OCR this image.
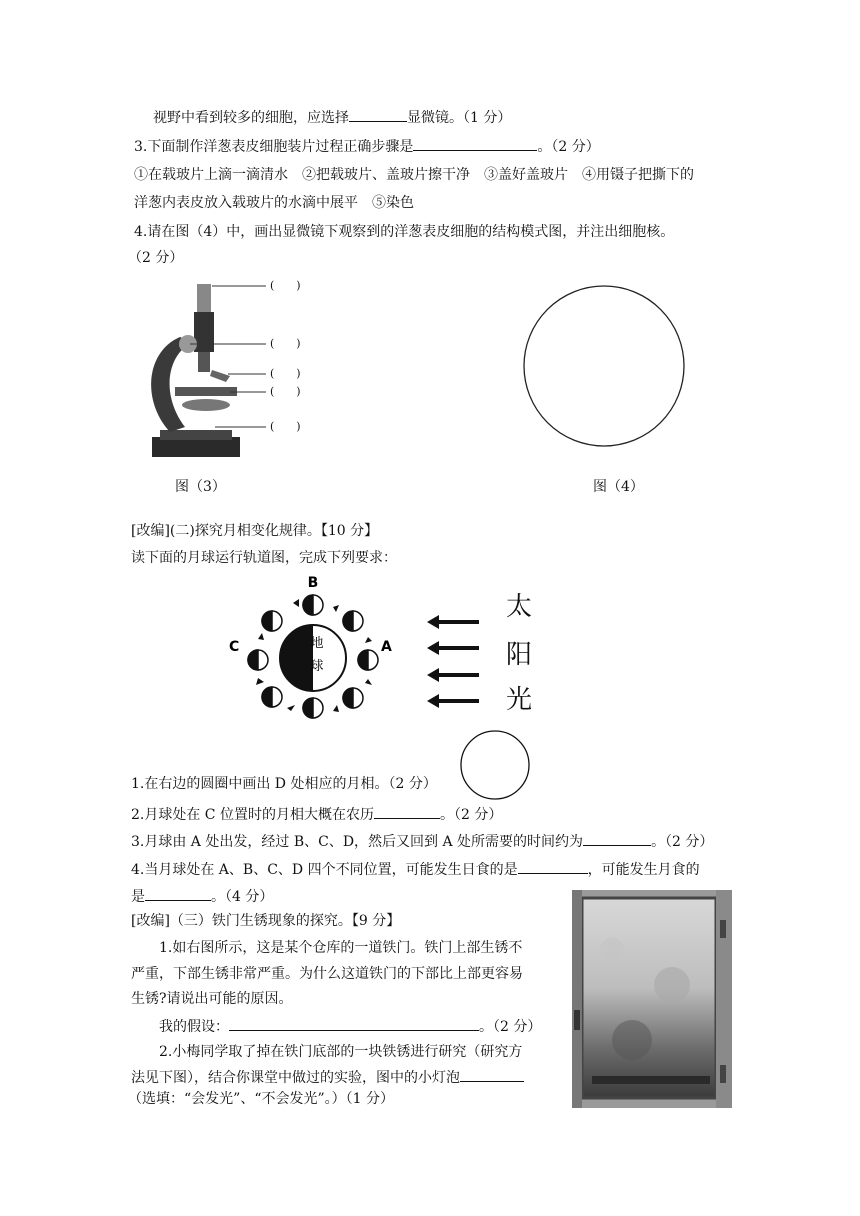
视野中看到较多的细胞，应选择	显微镜。（1 分）
3.下面制作洋葱表皮细胞装片过程正确步骤是	。（2 分）
①在载玻片上滴一滴清水　②把载玻片、盖玻片擦干净　③盖好盖玻片　④用镊子把撕下的
洋葱内表皮放入载玻片的水滴中展平　⑤染色
4.请在图（4）中，画出显微镜下观察到的洋葱表皮细胞的结构模式图，并注出细胞核。
（2 分）
(　　)
(　　)
(　　)
(　　)
(　　)
图（3）	图（4）
[改编](二)探究月相变化规律。【10 分】
读下面的月球运行轨道图，完成下列要求：
地
球
B
C	A
太
阳
光
1.在右边的圆圈中画出 D 处相应的月相。（2 分）
2.月球处在 C 位置时的月相大概在农历	。（2 分）
3.月球由 A 处出发，经过 B、C、D，然后又回到 A 处所需要的时间约为	。（2 分）
4.当月球处在 A、B、C、D 四个不同位置，可能发生日食的是	，可能发生月食的
是	。（4 分）
[改编]（三）铁门生锈现象的探究。【9 分】
1.如右图所示，这是某个仓库的一道铁门。铁门上部生锈不
严重，下部生锈非常严重。为什么这道铁门的下部比上部更容易
生锈?请说出可能的原因。
我的假设：	。（2 分）
2.小梅同学取了掉在铁门底部的一块铁锈进行研究（研究方
法见下图），结合你课堂中做过的实验，图中的小灯泡
（选填：“会发光”、“不会发光”。）（1 分）
